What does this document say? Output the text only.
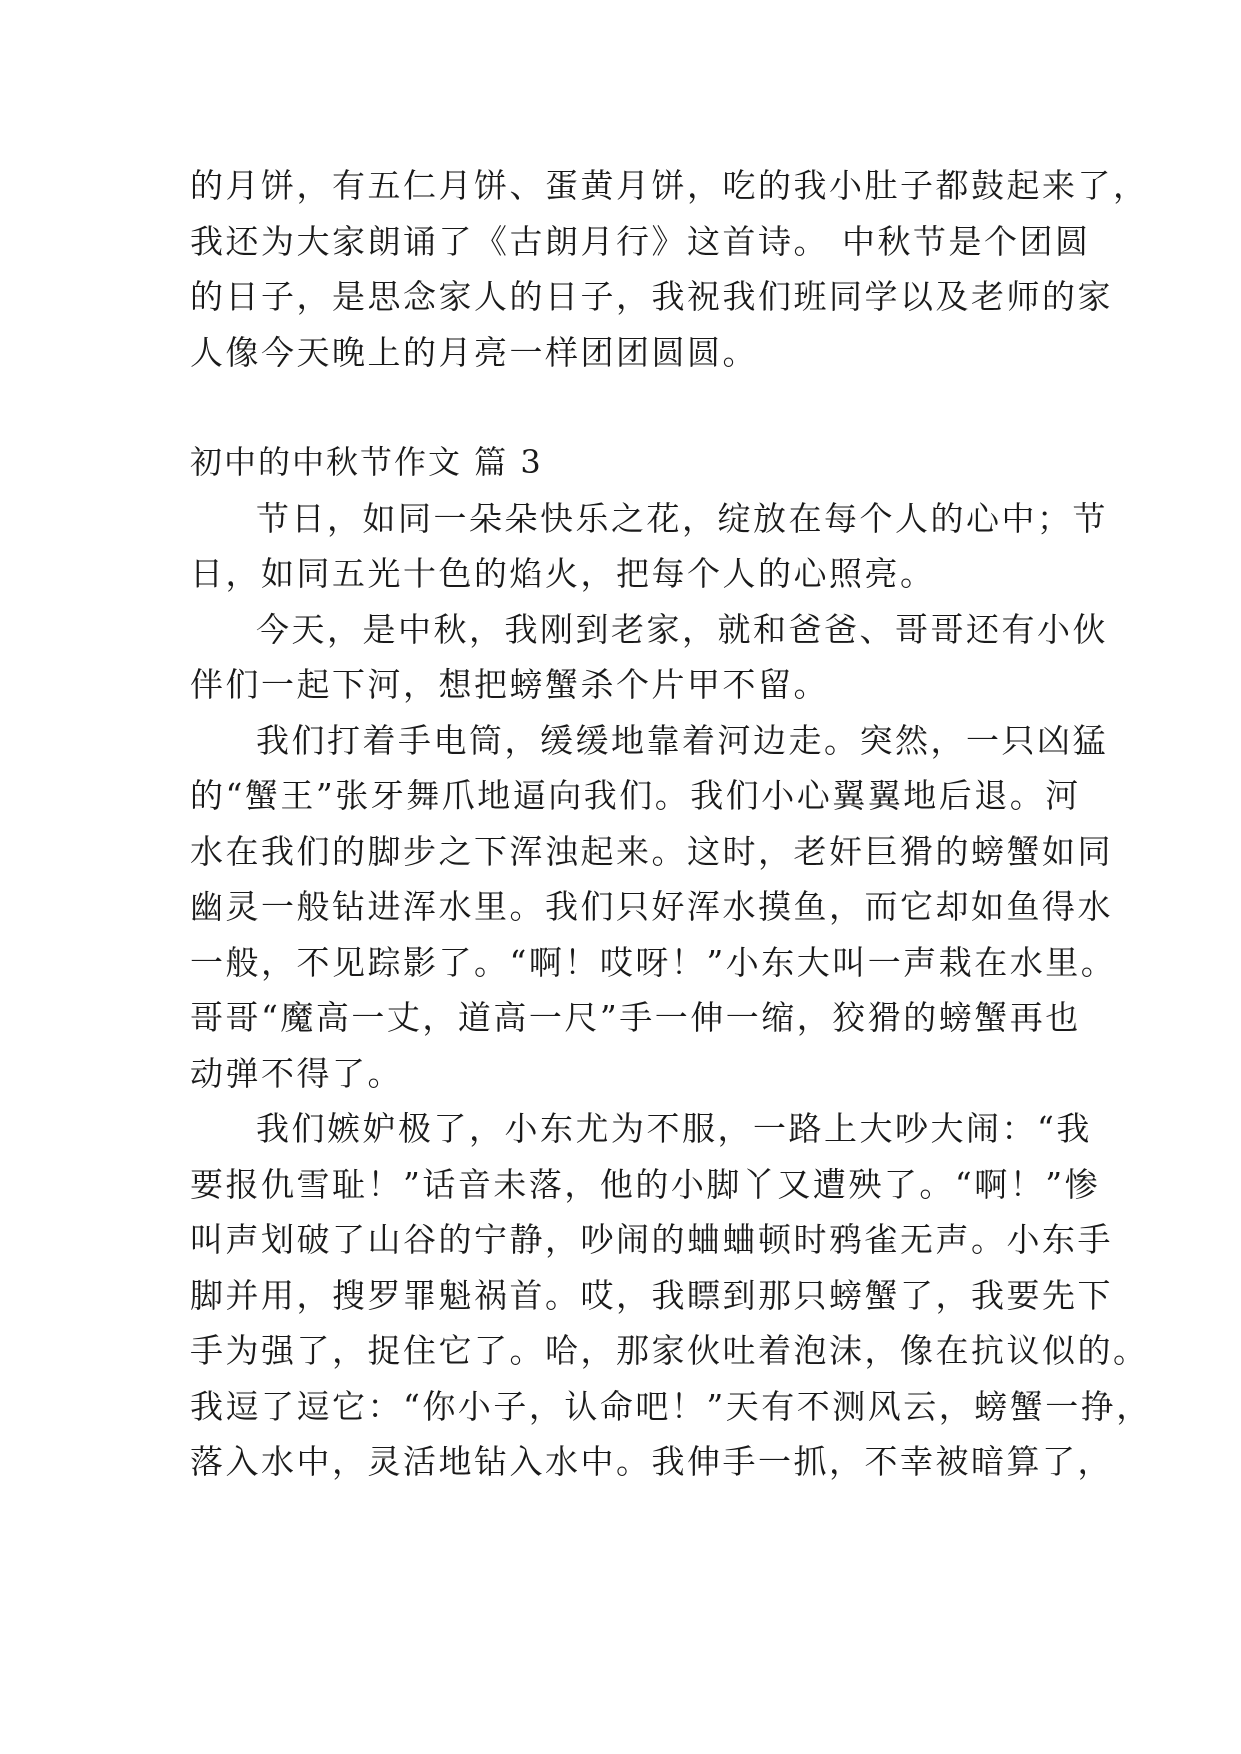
的月饼，有五仁月饼、蛋黄月饼，吃的我小肚子都鼓起来了，
我还为大家朗诵了《古朗月行》这首诗。 中秋节是个团圆
的日子，是思念家人的日子，我祝我们班同学以及老师的家
人像今天晚上的月亮一样团团圆圆。
初中的中秋节作文 篇 3
节日，如同一朵朵快乐之花，绽放在每个人的心中；节
日，如同五光十色的焰火，把每个人的心照亮。
今天，是中秋，我刚到老家，就和爸爸、哥哥还有小伙
伴们一起下河，想把螃蟹杀个片甲不留。
我们打着手电筒，缓缓地靠着河边走。突然，一只凶猛
的“蟹王”张牙舞爪地逼向我们。我们小心翼翼地后退。河
水在我们的脚步之下浑浊起来。这时，老奸巨猾的螃蟹如同
幽灵一般钻进浑水里。我们只好浑水摸鱼，而它却如鱼得水
一般，不见踪影了。“啊！哎呀！”小东大叫一声栽在水里。
哥哥“魔高一丈，道高一尺”手一伸一缩，狡猾的螃蟹再也
动弹不得了。
我们嫉妒极了，小东尤为不服，一路上大吵大闹：“我
要报仇雪耻！”话音未落，他的小脚丫又遭殃了。“啊！”惨
叫声划破了山谷的宁静，吵闹的蛐蛐顿时鸦雀无声。小东手
脚并用，搜罗罪魁祸首。哎，我瞟到那只螃蟹了，我要先下
手为强了，捉住它了。哈，那家伙吐着泡沫，像在抗议似的。
我逗了逗它：“你小子，认命吧！”天有不测风云，螃蟹一挣，
落入水中，灵活地钻入水中。我伸手一抓，不幸被暗算了，
